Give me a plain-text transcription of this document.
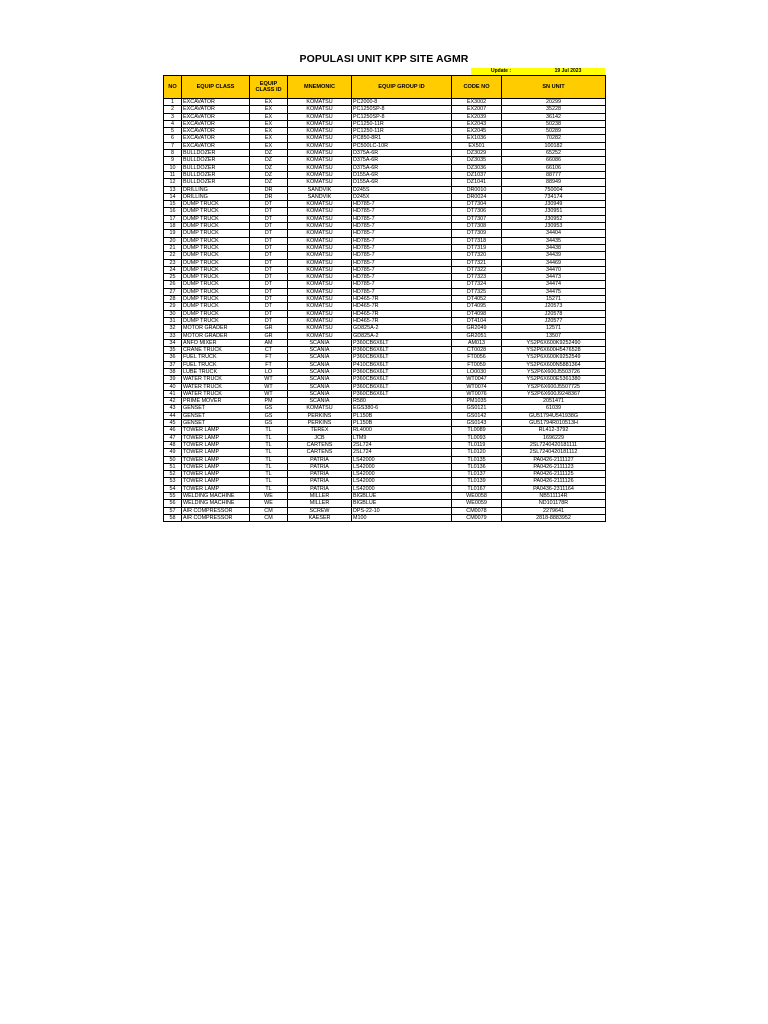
POPULASI UNIT KPP SITE AGMR
Update :	19 Jul 2023
NO	EQUIP CLASS	EQUIP CLASS ID	MNEMONIC	EQUIP GROUP ID	CODE NO	SN UNIT
1	EXCAVATOR	EX	KOMATSU	PC2000-8	EX3002	20299
2	EXCAVATOR	EX	KOMATSU	PC1250SP-8	EX2007	35228
3	EXCAVATOR	EX	KOMATSU	PC1250SP-8	EX2039	36142
4	EXCAVATOR	EX	KOMATSU	PC1250-11R	EX2043	50238
5	EXCAVATOR	EX	KOMATSU	PC1250-11R	EX2045	50289
6	EXCAVATOR	EX	KOMATSU	PC850-8R1	EX1036	70282
7	EXCAVATOR	EX	KOMATSU	PC500LC-10R	EX501	100182
8	BULLDOZER	DZ	KOMATSU	D375A-6R	DZ3029	65252
9	BULLDOZER	DZ	KOMATSU	D375A-6R	DZ3035	66086
10	BULLDOZER	DZ	KOMATSU	D375A-6R	DZ3036	66106
11	BULLDOZER	DZ	KOMATSU	D155A-6R	DZ1037	88777
12	BULLDOZER	DZ	KOMATSU	D155A-6R	DZ1041	88949
13	DRILLING	DR	SANDVIK	D245S	DR0010	750004
14	DRILLING	DR	SANDVIK	D245X	DR0024	734174
15	DUMP TRUCK	DT	KOMATSU	HD785-7	DT7304	J30949
16	DUMP TRUCK	DT	KOMATSU	HD785-7	DT7306	J30951
17	DUMP TRUCK	DT	KOMATSU	HD785-7	DT7307	J30952
18	DUMP TRUCK	DT	KOMATSU	HD785-7	DT7308	J30953
19	DUMP TRUCK	DT	KOMATSU	HD785-7	DT7309	34404
20	DUMP TRUCK	DT	KOMATSU	HD785-7	DT7318	34435
21	DUMP TRUCK	DT	KOMATSU	HD785-7	DT7319	34438
22	DUMP TRUCK	DT	KOMATSU	HD785-7	DT7320	34439
23	DUMP TRUCK	DT	KOMATSU	HD785-7	DT7321	34469
24	DUMP TRUCK	DT	KOMATSU	HD785-7	DT7322	34470
25	DUMP TRUCK	DT	KOMATSU	HD785-7	DT7323	34473
26	DUMP TRUCK	DT	KOMATSU	HD785-7	DT7324	34474
27	DUMP TRUCK	DT	KOMATSU	HD785-7	DT7325	34475
28	DUMP TRUCK	DT	KOMATSU	HD465-7R	DT4052	15271
29	DUMP TRUCK	DT	KOMATSU	HD465-7R	DT4095	J20573
30	DUMP TRUCK	DT	KOMATSU	HD465-7R	DT4098	J20578
31	DUMP TRUCK	DT	KOMATSU	HD465-7R	DT4104	J20577
32	MOTOR GRADER	GR	KOMATSU	GD825A-2	GR2049	12571
33	MOTOR GRADER	GR	KOMATSU	GD825A-2	GR2051	13507
34	ANFO MIXER	AM	SCANIA	P360CB6X6LT	AM013	YS2P6X600K9252490
35	CRANE TRUCK	CT	SCANIA	P360CB6X6LT	CT0028	YS2P6X600H5476528
36	FUEL TRUCK	FT	SCANIA	P360CB6X6LT	FT0056	YS2P6X600K9252549
37	FUEL TRUCK	FT	SCANIA	P410CB6X6LT	FT0059	YS2P6X600N5881364
38	LUBE TRUCK	LO	SCANIA	P360CB6X6LT	LO0030	YS2P6X600J5503726
39	WATER TRUCK	WT	SCANIA	P360CB6X6LT	WT0047	YS2P6X600E5361380
40	WATER TRUCK	WT	SCANIA	P360CB6X6LT	WT0074	YS2P6X600J5507725
41	WATER TRUCK	WT	SCANIA	P360CB6X6LT	WT0076	YS2P6X600J9248367
42	PRIME MOVER	PM	SCANIA	R580	PM1035	2051471
43	GENSET	GS	KOMATSU	EGS380-6	GS0121	61039
44	GENSET	GS	PERKINS	PL150B	GS0142	GU51794U541938G
45	GENSET	GS	PERKINS	PL150B	GS0143	GU51794R010513H
46	TOWER LAMP	TL	TEREX	RL4000	TL0089	RL412-3792
47	TOWER LAMP	TL	JCB	LTM9	TL0093	1696229
48	TOWER LAMP	TL	CARTENS	2SL724	TL0119	2SL7240420181111
49	TOWER LAMP	TL	CARTENS	2SL724	TL0120	2SL7240420181112
50	TOWER LAMP	TL	PATRIA	LS42000	TL0135	PA0426-2111127
51	TOWER LAMP	TL	PATRIA	LS42000	TL0136	PA0426-2111123
52	TOWER LAMP	TL	PATRIA	LS42000	TL0137	PA0426-2111125
53	TOWER LAMP	TL	PATRIA	LS42000	TL0139	PA0426-2111126
54	TOWER LAMP	TL	PATRIA	LS42000	TL0167	PA0436-2311164
55	WELDING MACHINE	WE	MILLER	BIGBLUE	WE0058	NB511114R
56	WELDING MACHINE	WE	MILLER	BIGBLUE	WE0059	ND101178R
57	AIR COMPRESSOR	CM	SCREW	DPS-22-10	CM0078	2279641
58	AIR COMPRESSOR	CM	KAESER	M100	CM0079	2818-8883952
